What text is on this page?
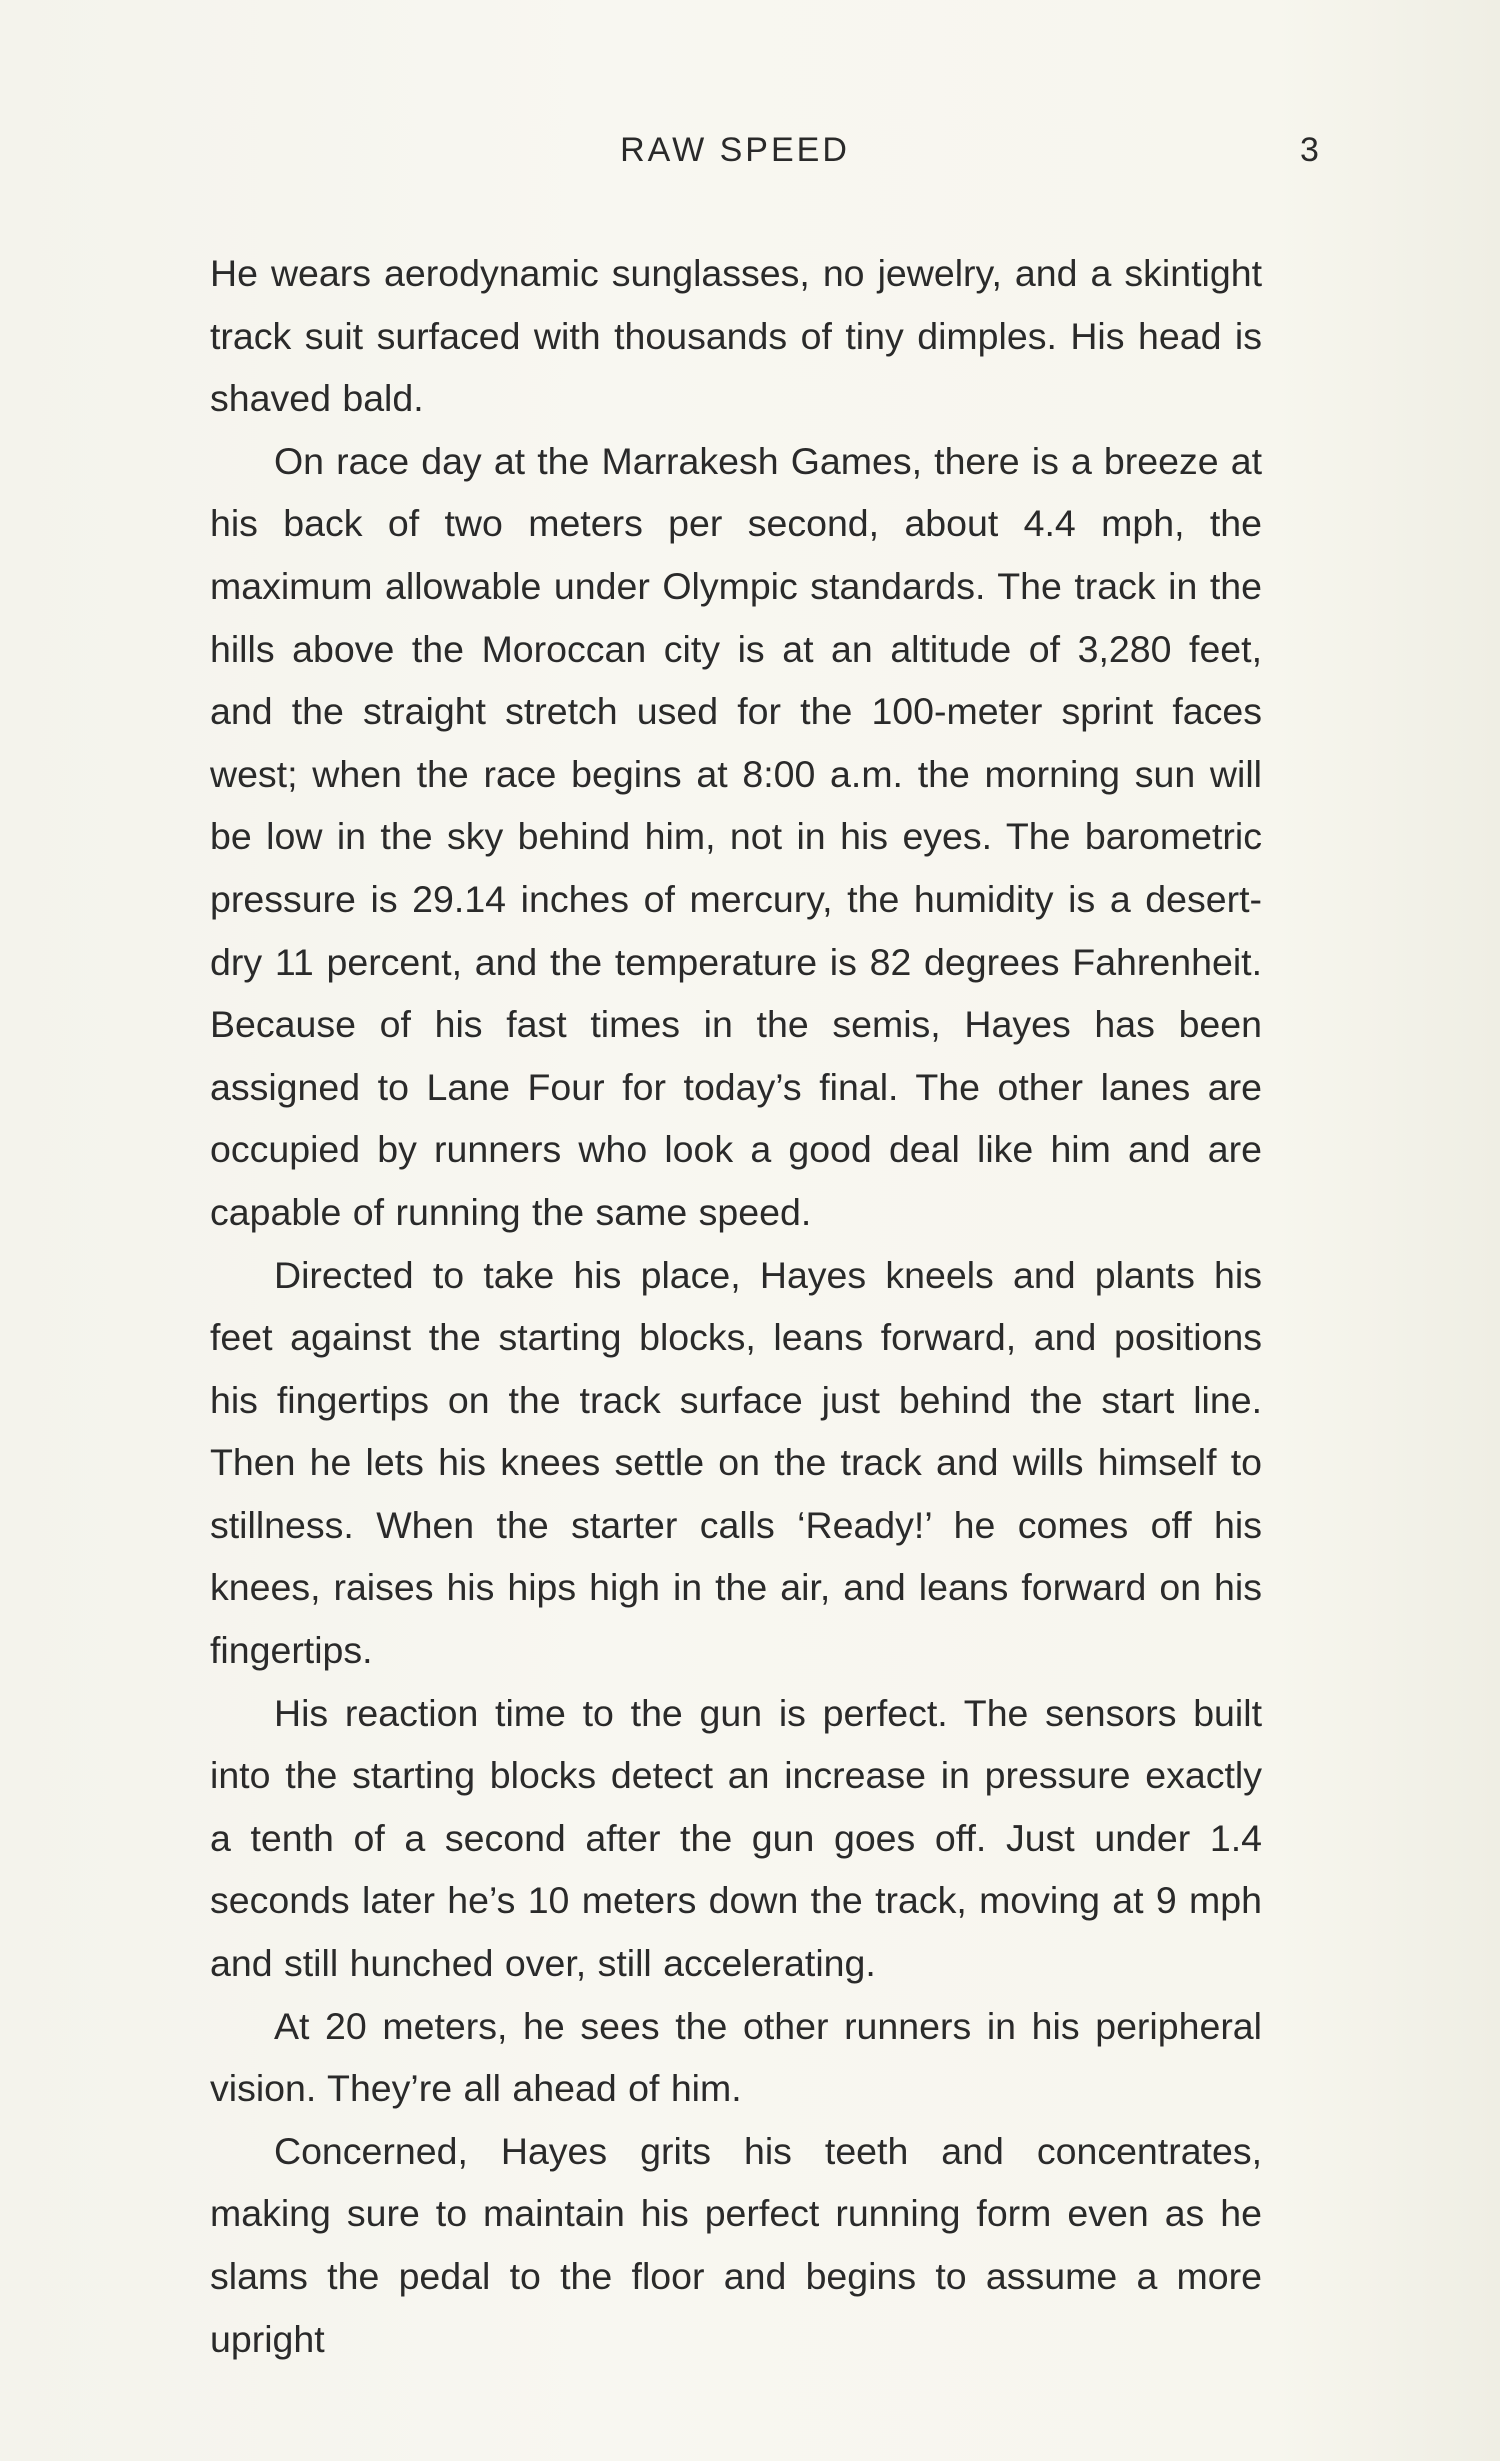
RAW SPEED	3

He wears aerodynamic sunglasses, no jewelry, and a skintight track suit surfaced with thousands of tiny dimples. His head is shaved bald.

On race day at the Marrakesh Games, there is a breeze at his back of two meters per second, about 4.4 mph, the maximum allowable under Olympic standards. The track in the hills above the Moroccan city is at an altitude of 3,280 feet, and the straight stretch used for the 100-meter sprint faces west; when the race begins at 8:00 a.m. the morning sun will be low in the sky behind him, not in his eyes. The barometric pressure is 29.14 inches of mercury, the humidity is a desert-dry 11 percent, and the temperature is 82 degrees Fahrenheit. Because of his fast times in the semis, Hayes has been assigned to Lane Four for today’s final. The other lanes are occupied by runners who look a good deal like him and are capable of running the same speed.

Directed to take his place, Hayes kneels and plants his feet against the starting blocks, leans forward, and positions his fingertips on the track surface just behind the start line. Then he lets his knees settle on the track and wills himself to stillness. When the starter calls ‘Ready!’ he comes off his knees, raises his hips high in the air, and leans forward on his fingertips.

His reaction time to the gun is perfect. The sensors built into the starting blocks detect an increase in pressure exactly a tenth of a second after the gun goes off. Just under 1.4 seconds later he’s 10 meters down the track, moving at 9 mph and still hunched over, still accelerating.

At 20 meters, he sees the other runners in his peripheral vision. They’re all ahead of him.

Concerned, Hayes grits his teeth and concentrates, making sure to maintain his perfect running form even as he slams the pedal to the floor and begins to assume a more upright
